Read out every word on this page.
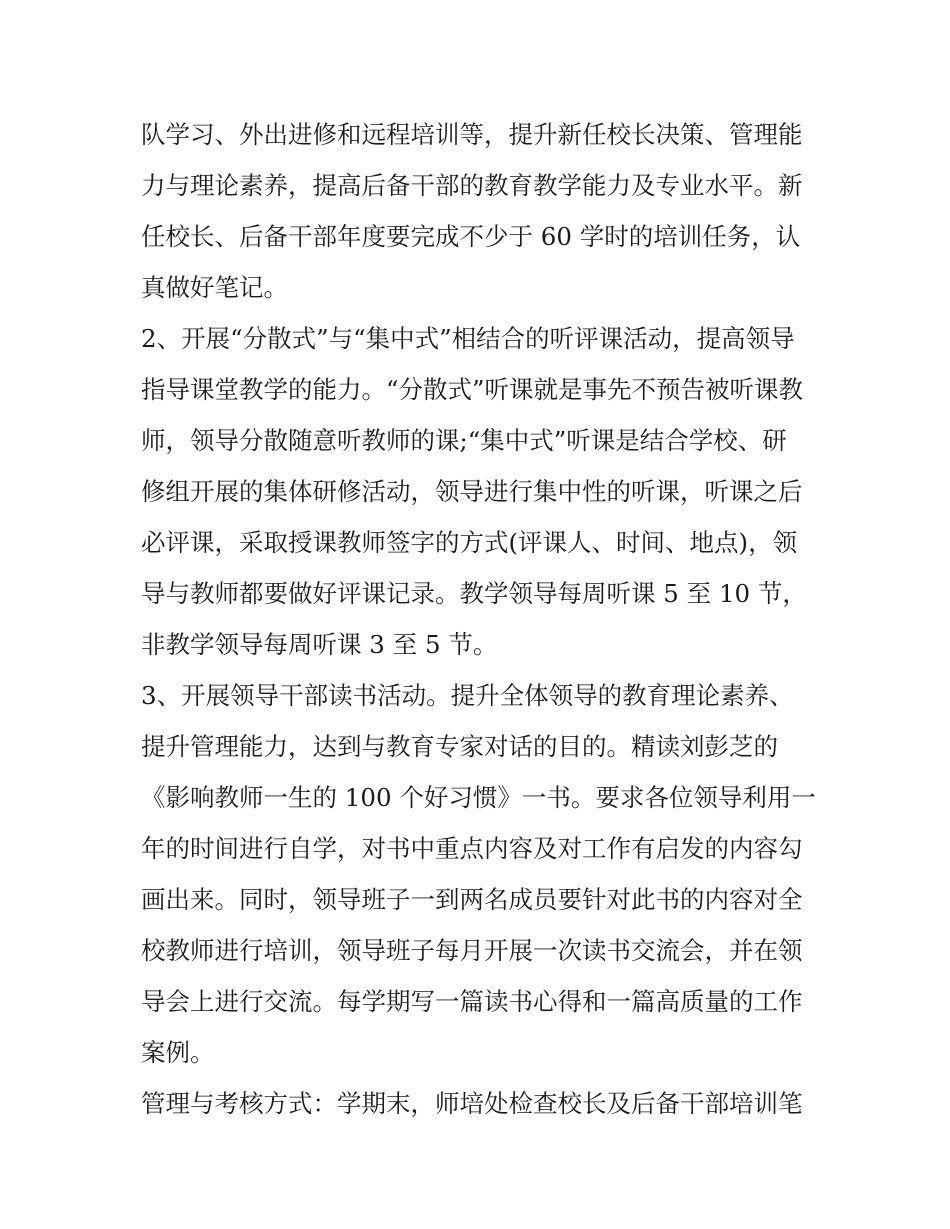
队学习、外出进修和远程培训等，提升新任校长决策、管理能
力与理论素养，提高后备干部的教育教学能力及专业水平。新
任校长、后备干部年度要完成不少于 60 学时的培训任务，认
真做好笔记。
2、开展“分散式”与“集中式”相结合的听评课活动，提高领导
指导课堂教学的能力。“分散式”听课就是事先不预告被听课教
师，领导分散随意听教师的课;“集中式”听课是结合学校、研
修组开展的集体研修活动，领导进行集中性的听课，听课之后
必评课，采取授课教师签字的方式(评课人、时间、地点)，领
导与教师都要做好评课记录。教学领导每周听课 5 至 10 节，
非教学领导每周听课 3 至 5 节。
3、开展领导干部读书活动。提升全体领导的教育理论素养、
提升管理能力，达到与教育专家对话的目的。精读刘彭芝的
《影响教师一生的 100 个好习惯》一书。要求各位领导利用一
年的时间进行自学，对书中重点内容及对工作有启发的内容勾
画出来。同时，领导班子一到两名成员要针对此书的内容对全
校教师进行培训，领导班子每月开展一次读书交流会，并在领
导会上进行交流。每学期写一篇读书心得和一篇高质量的工作
案例。
管理与考核方式：学期末，师培处检查校长及后备干部培训笔
